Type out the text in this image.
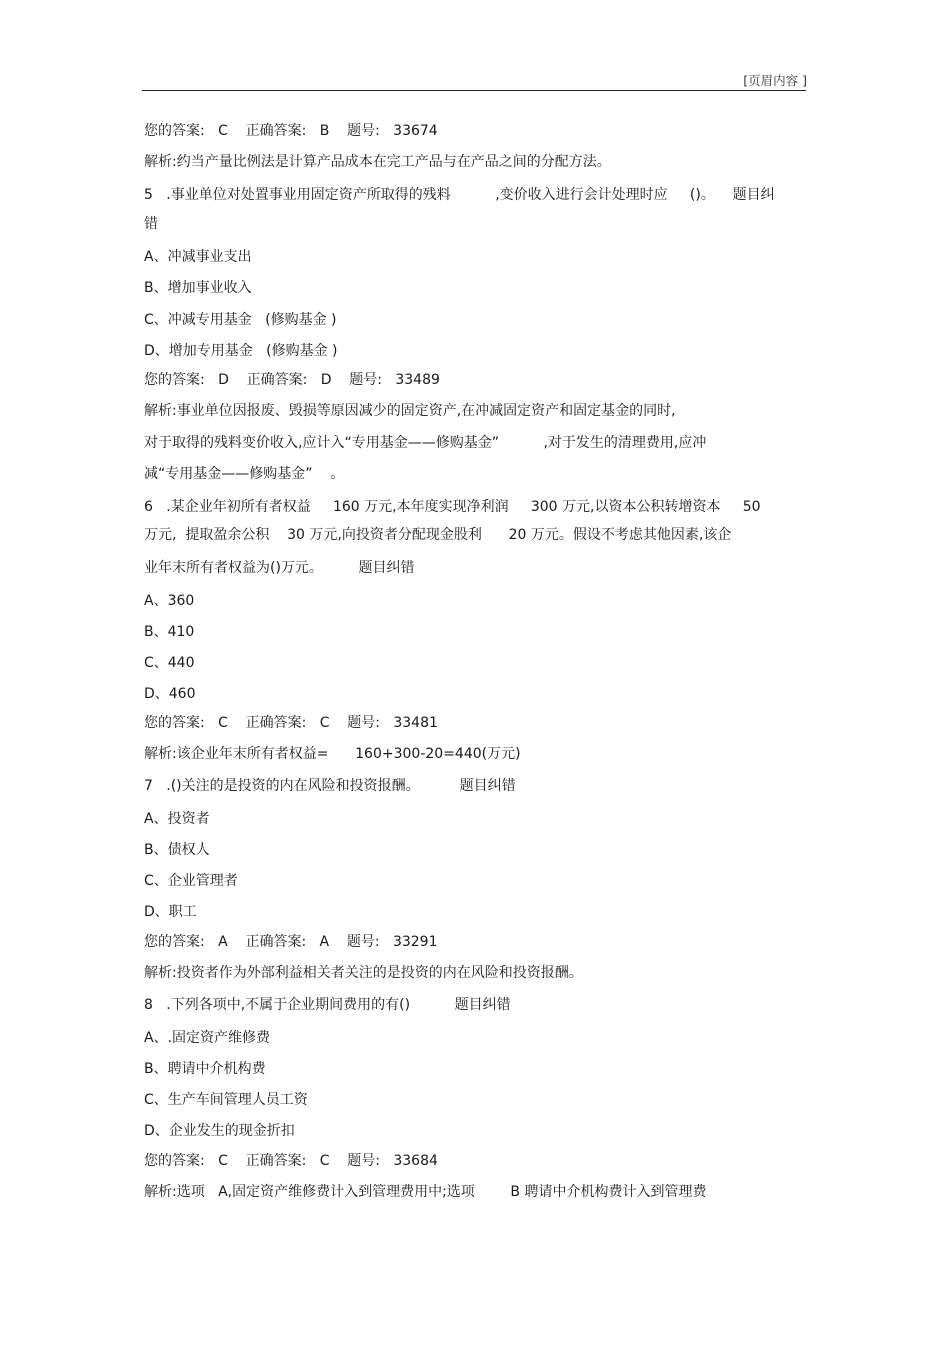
[页眉内容 ]
您的答案:   C    正确答案:   B    题号:   33674
解析:约当产量比例法是计算产品成本在完工产品与在产品之间的分配方法。
5   .事业单位对处置事业用固定资产所取得的残料          ,变价收入进行会计处理时应     ()。    题目纠
错
A、冲减事业支出
B、增加事业收入
C、冲减专用基金   (修购基金 )
D、增加专用基金   (修购基金 )
您的答案:   D    正确答案:   D    题号:   33489
解析:事业单位因报废、毁损等原因减少的固定资产,在冲减固定资产和固定基金的同时,
对于取得的残料变价收入,应计入“专用基金——修购基金”          ,对于发生的清理费用,应冲
减“专用基金——修购基金”    。
6   .某企业年初所有者权益     160 万元,本年度实现净利润     300 万元,以资本公积转增资本     50
万元,  提取盈余公积    30 万元,向投资者分配现金股利      20 万元。假设不考虑其他因素,该企
业年末所有者权益为()万元。        题目纠错
A、360
B、410
C、440
D、460
您的答案:   C    正确答案:   C    题号:   33481
解析:该企业年末所有者权益=      160+300-20=440(万元)
7   .()关注的是投资的内在风险和投资报酬。         题目纠错
A、投资者
B、债权人
C、企业管理者
D、职工
您的答案:   A    正确答案:   A    题号:   33291
解析:投资者作为外部利益相关者关注的是投资的内在风险和投资报酬。
8   .下列各项中,不属于企业期间费用的有()          题目纠错
A、.固定资产维修费
B、聘请中介机构费
C、生产车间管理人员工资
D、企业发生的现金折扣
您的答案:   C    正确答案:   C    题号:   33684
解析:选项   A,固定资产维修费计入到管理费用中;选项        B 聘请中介机构费计入到管理费
